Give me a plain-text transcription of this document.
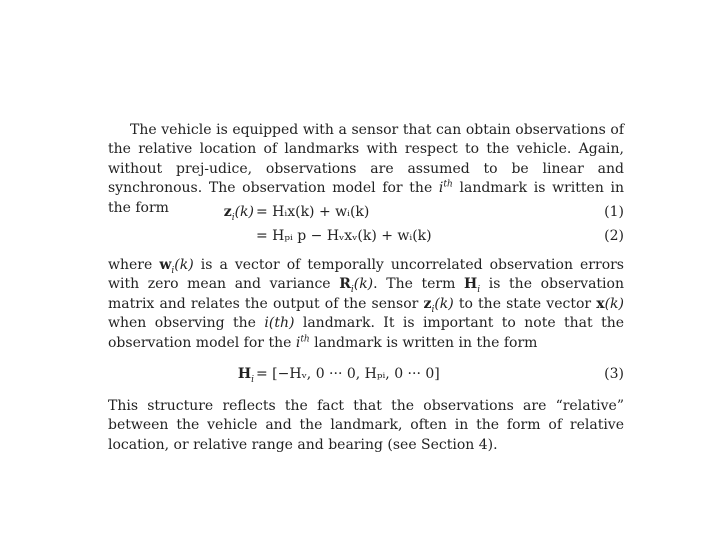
The vehicle is equipped with a sensor that can obtain observations of the relative location of landmarks with respect to the vehicle. Again, without prej-udice, observations are assumed to be linear and synchronous. The observation model for the $i^{th}$ landmark is written in the form	$z_i(k)$ = Hᵢx(k) + wᵢ(k)	(1)
= Hₚᵢ p − Hᵥxᵥ(k) + wᵢ(k)	(2)
where $w_i(k)$ is a vector of temporally uncorrelated observation errors with zero mean and variance $R_i(k)$. The term $H_i$ is the observation matrix and relates the output of the sensor $z_i(k)$ to the state vector x(k) when observing the i(th) landmark. It is important to note that the observation model for the $i^{th}$ landmark is written in the form
$H_i$ = [−Hᵥ, 0 ··· 0, Hₚᵢ, 0 ··· 0]	(3)
This structure reflects the fact that the observations are “relative” between the vehicle and the landmark, often in the form of relative location, or relative range and bearing (see Section 4).
